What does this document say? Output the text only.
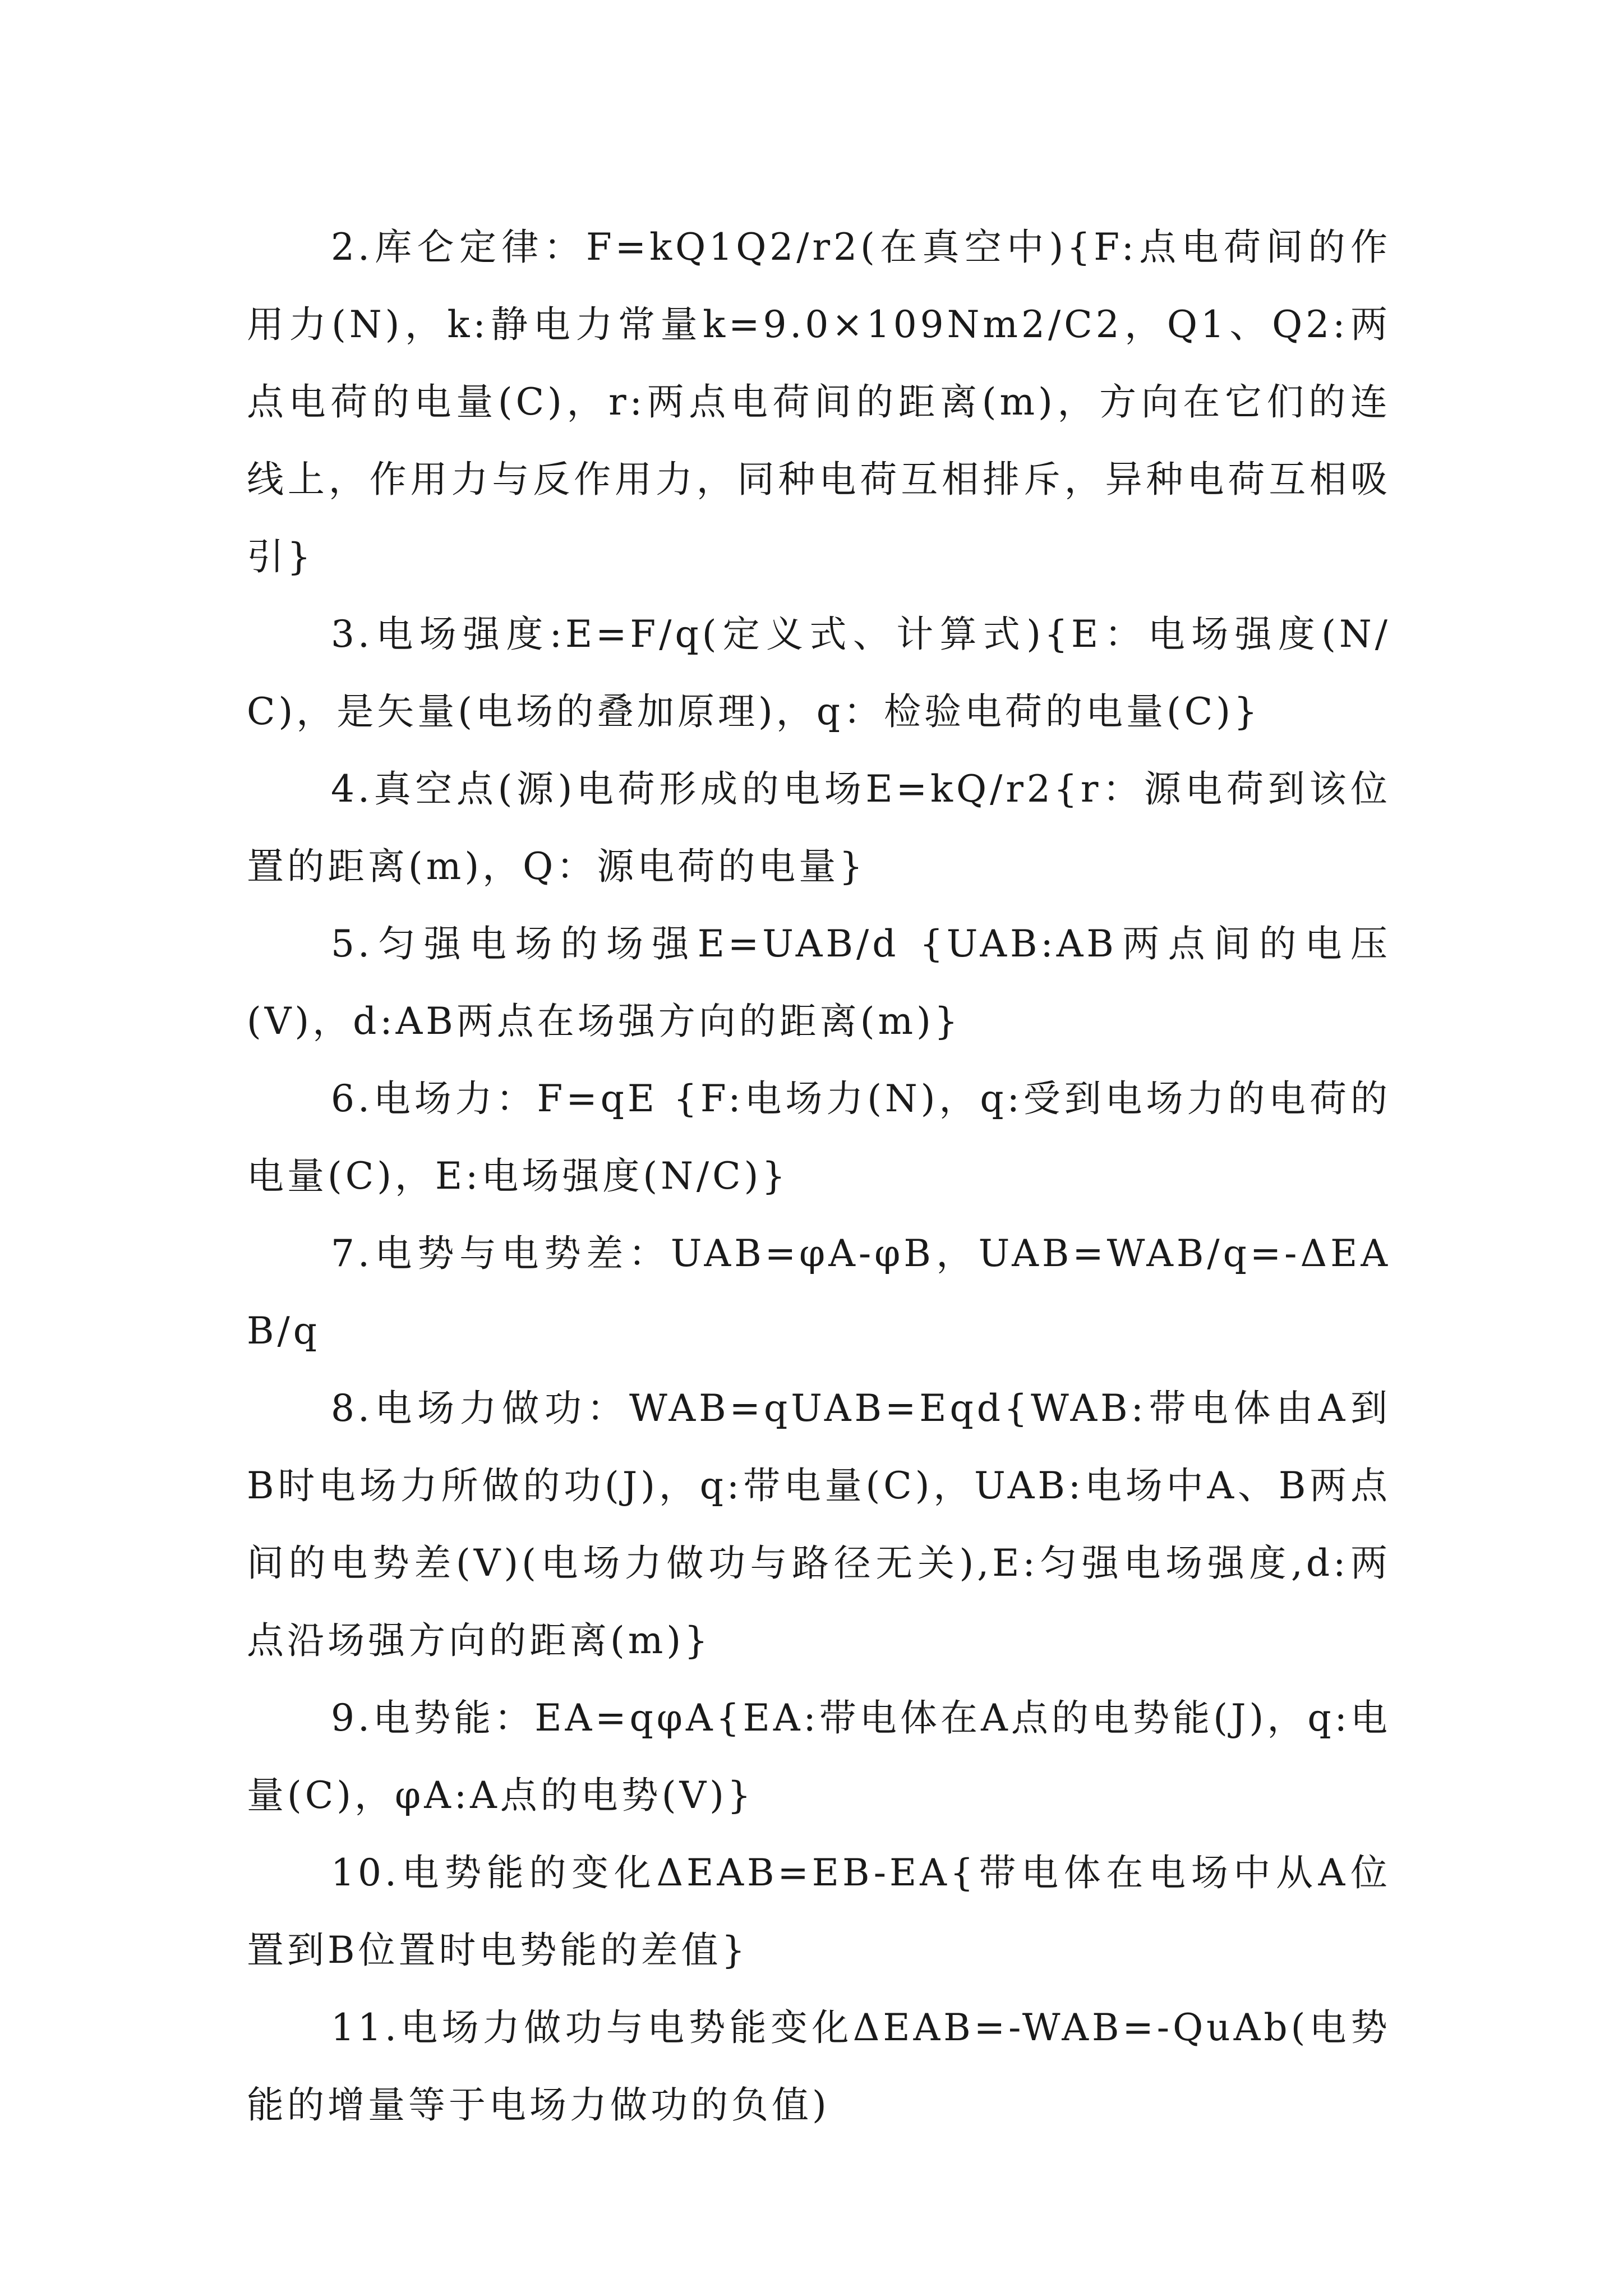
2.库仑定律：F=kQ1Q2/r2(在真空中){F:点电荷间的作用力(N)，k:静电力常量k=9.0×109Nm2/C2，Q1、Q2:两点电荷的电量(C)，r:两点电荷间的距离(m)，方向在它们的连线上，作用力与反作用力，同种电荷互相排斥，异种电荷互相吸引}

3.电场强度:E=F/q(定义式、计算式){E：电场强度(N/C)，是矢量(电场的叠加原理)，q：检验电荷的电量(C)}

4.真空点(源)电荷形成的电场E=kQ/r2{r：源电荷到该位置的距离(m)，Q：源电荷的电量}

5.匀强电场的场强E=UAB/d {UAB:AB两点间的电压(V)，d:AB两点在场强方向的距离(m)}

6.电场力：F=qE {F:电场力(N)，q:受到电场力的电荷的电量(C)，E:电场强度(N/C)}

7.电势与电势差：UAB=φA-φB，UAB=WAB/q=-ΔEAB/q

8.电场力做功：WAB=qUAB=Eqd{WAB:带电体由A到B时电场力所做的功(J)，q:带电量(C)，UAB:电场中A、B两点间的电势差(V)(电场力做功与路径无关),E:匀强电场强度,d:两点沿场强方向的距离(m)}

9.电势能：EA=qφA{EA:带电体在A点的电势能(J)，q:电量(C)，φA:A点的电势(V)}

10.电势能的变化ΔEAB=EB-EA{带电体在电场中从A位置到B位置时电势能的差值}

11.电场力做功与电势能变化ΔEAB=-WAB=-QuAb(电势能的增量等于电场力做功的负值)
